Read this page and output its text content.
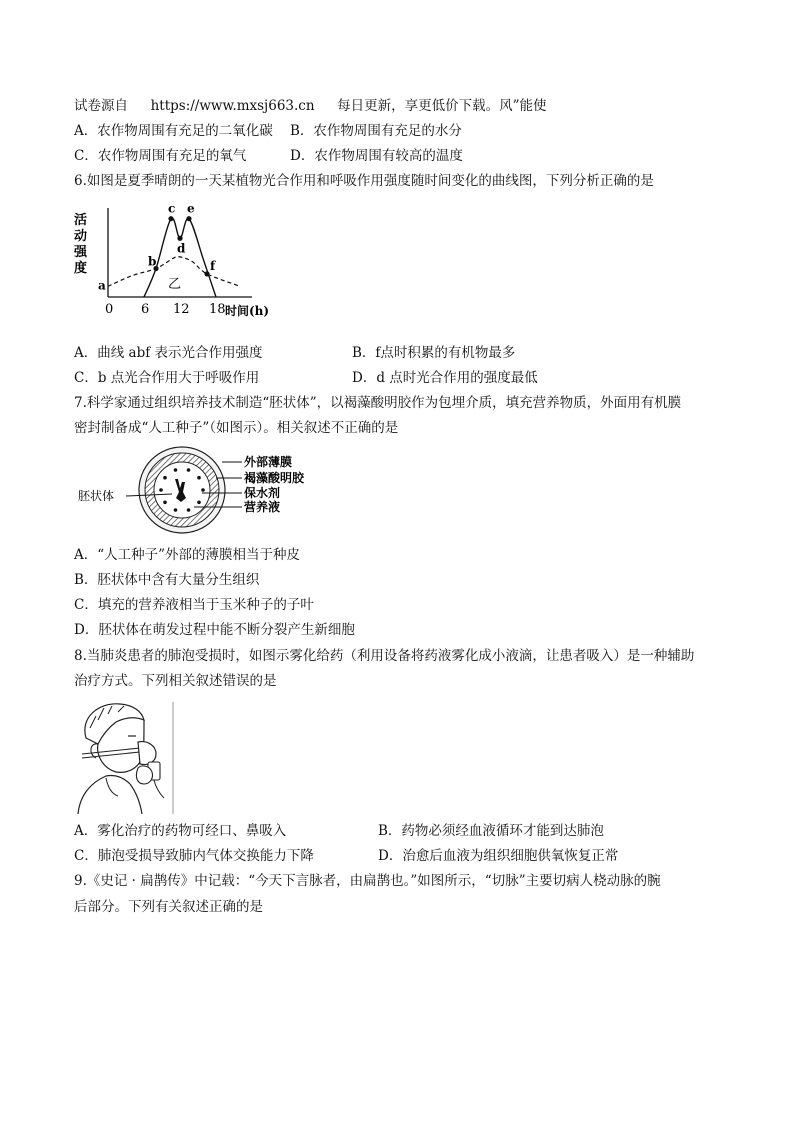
试卷源自 https://www.mxsj663.cn 每日更新，享更低价下载。风”能使
A．农作物周围有充足的二氧化碳 B．农作物周围有充足的水分
C．农作物周围有充足的氧气	D．农作物周围有较高的温度
6.如图是夏季晴朗的一天某植物光合作用和呼吸作用强度随时间变化的曲线图，下列分析正确的是
活
动
强
度
0 6 12 18 时间(h)
乙
a
b
c
d
e
f
A．曲线 abf 表示光合作用强度	B．f点时积累的有机物最多
C．b 点光合作用大于呼吸作用	D．d 点时光合作用的强度最低
7.科学家通过组织培养技术制造“胚状体”，以褐藻酸明胶作为包埋介质，填充营养物质，外面用有机膜
密封制备成“人工种子”（如图示）。相关叙述不正确的是
胚状体
外部薄膜
褐藻酸明胶
保水剂
营养液
A．“人工种子”外部的薄膜相当于种皮
B．胚状体中含有大量分生组织
C．填充的营养液相当于玉米种子的子叶
D．胚状体在萌发过程中能不断分裂产生新细胞
8.当肺炎患者的肺泡受损时，如图示雾化给药（利用设备将药液雾化成小液滴，让患者吸入）是一种辅助
治疗方式。下列相关叙述错误的是
A．雾化治疗的药物可经口、鼻吸入	B．药物必须经血液循环才能到达肺泡
C．肺泡受损导致肺内气体交换能力下降	D．治愈后血液为组织细胞供氧恢复正常
9.《史记 · 扁鹊传》中记载：“今天下言脉者，由扁鹊也。”如图所示，“切脉”主要切病人桡动脉的腕
后部分。下列有关叙述正确的是
